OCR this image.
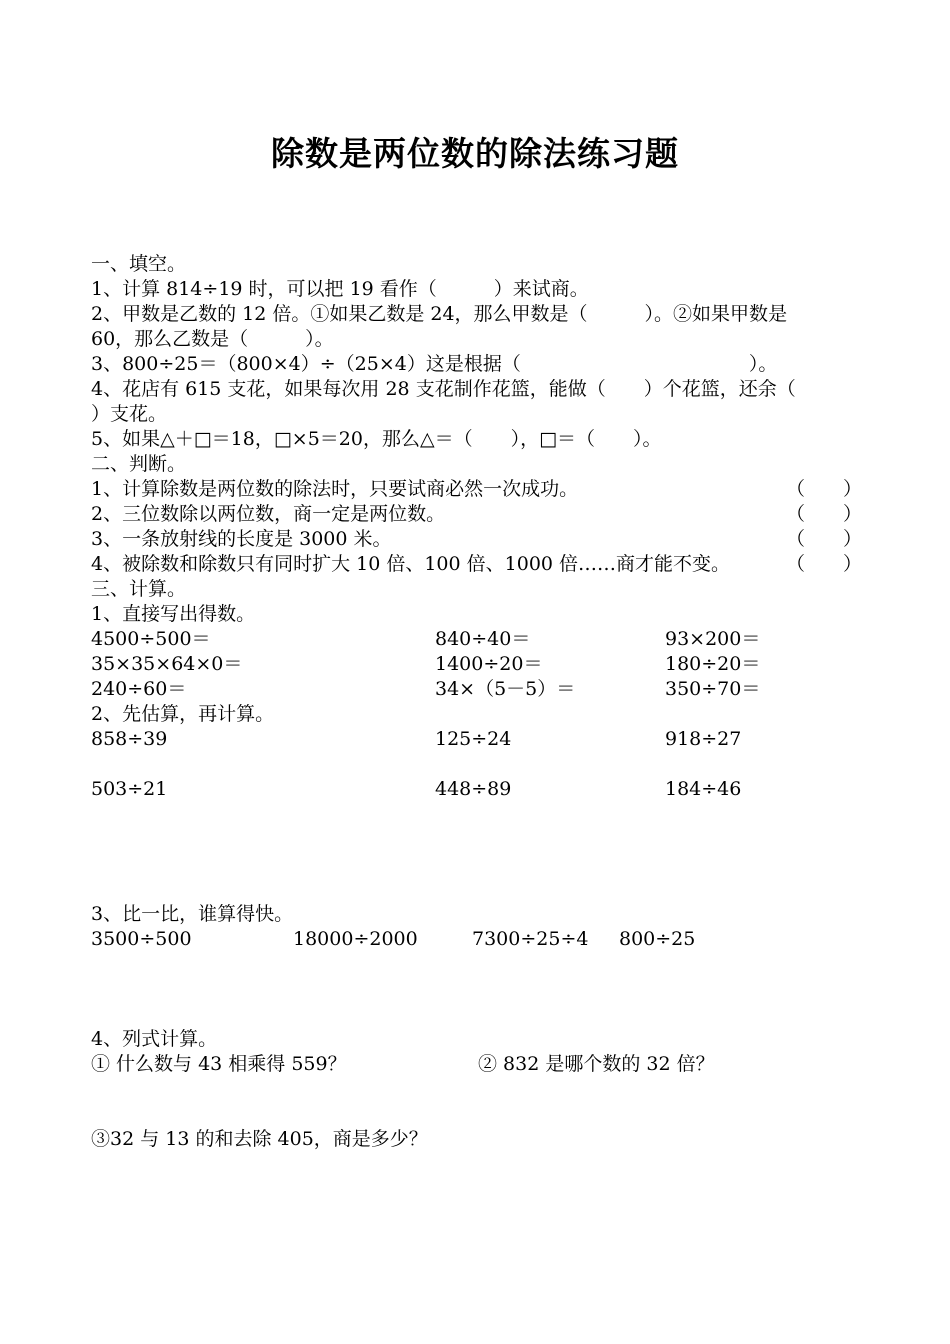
除数是两位数的除法练习题
一、填空。
1、计算 814÷19 时，可以把 19 看作（　　　）来试商。
2、甲数是乙数的 12 倍。①如果乙数是 24，那么甲数是（　　　）。②如果甲数是
60，那么乙数是（　　　）。
3、800÷25＝（800×4）÷（25×4）这是根据（　　　　　　　　　　　　）。
4、花店有 615 支花，如果每次用 28 支花制作花篮，能做（　　）个花篮，还余（
）支花。
5、如果△＋□＝18，□×5＝20，那么△＝（　　），□＝（　　）。
二、判断。
1、计算除数是两位数的除法时，只要试商必然一次成功。	（　　）
2、三位数除以两位数，商一定是两位数。	（　　）
3、一条放射线的长度是 3000 米。	（　　）
4、被除数和除数只有同时扩大 10 倍、100 倍、1000 倍……商才能不变。	（　　）
三、计算。
1、直接写出得数。
4500÷500＝	840÷40＝	93×200＝
35×35×64×0＝	1400÷20＝	180÷20＝
240÷60＝	34×（5－5）＝	350÷70＝
2、先估算，再计算。
858÷39	125÷24	918÷27
503÷21	448÷89	184÷46
3、比一比，谁算得快。
3500÷500	18000÷2000	7300÷25÷4 800÷25
4、列式计算。
① 什么数与 43 相乘得 559？	② 832 是哪个数的 32 倍？
③32 与 13 的和去除 405，商是多少？
